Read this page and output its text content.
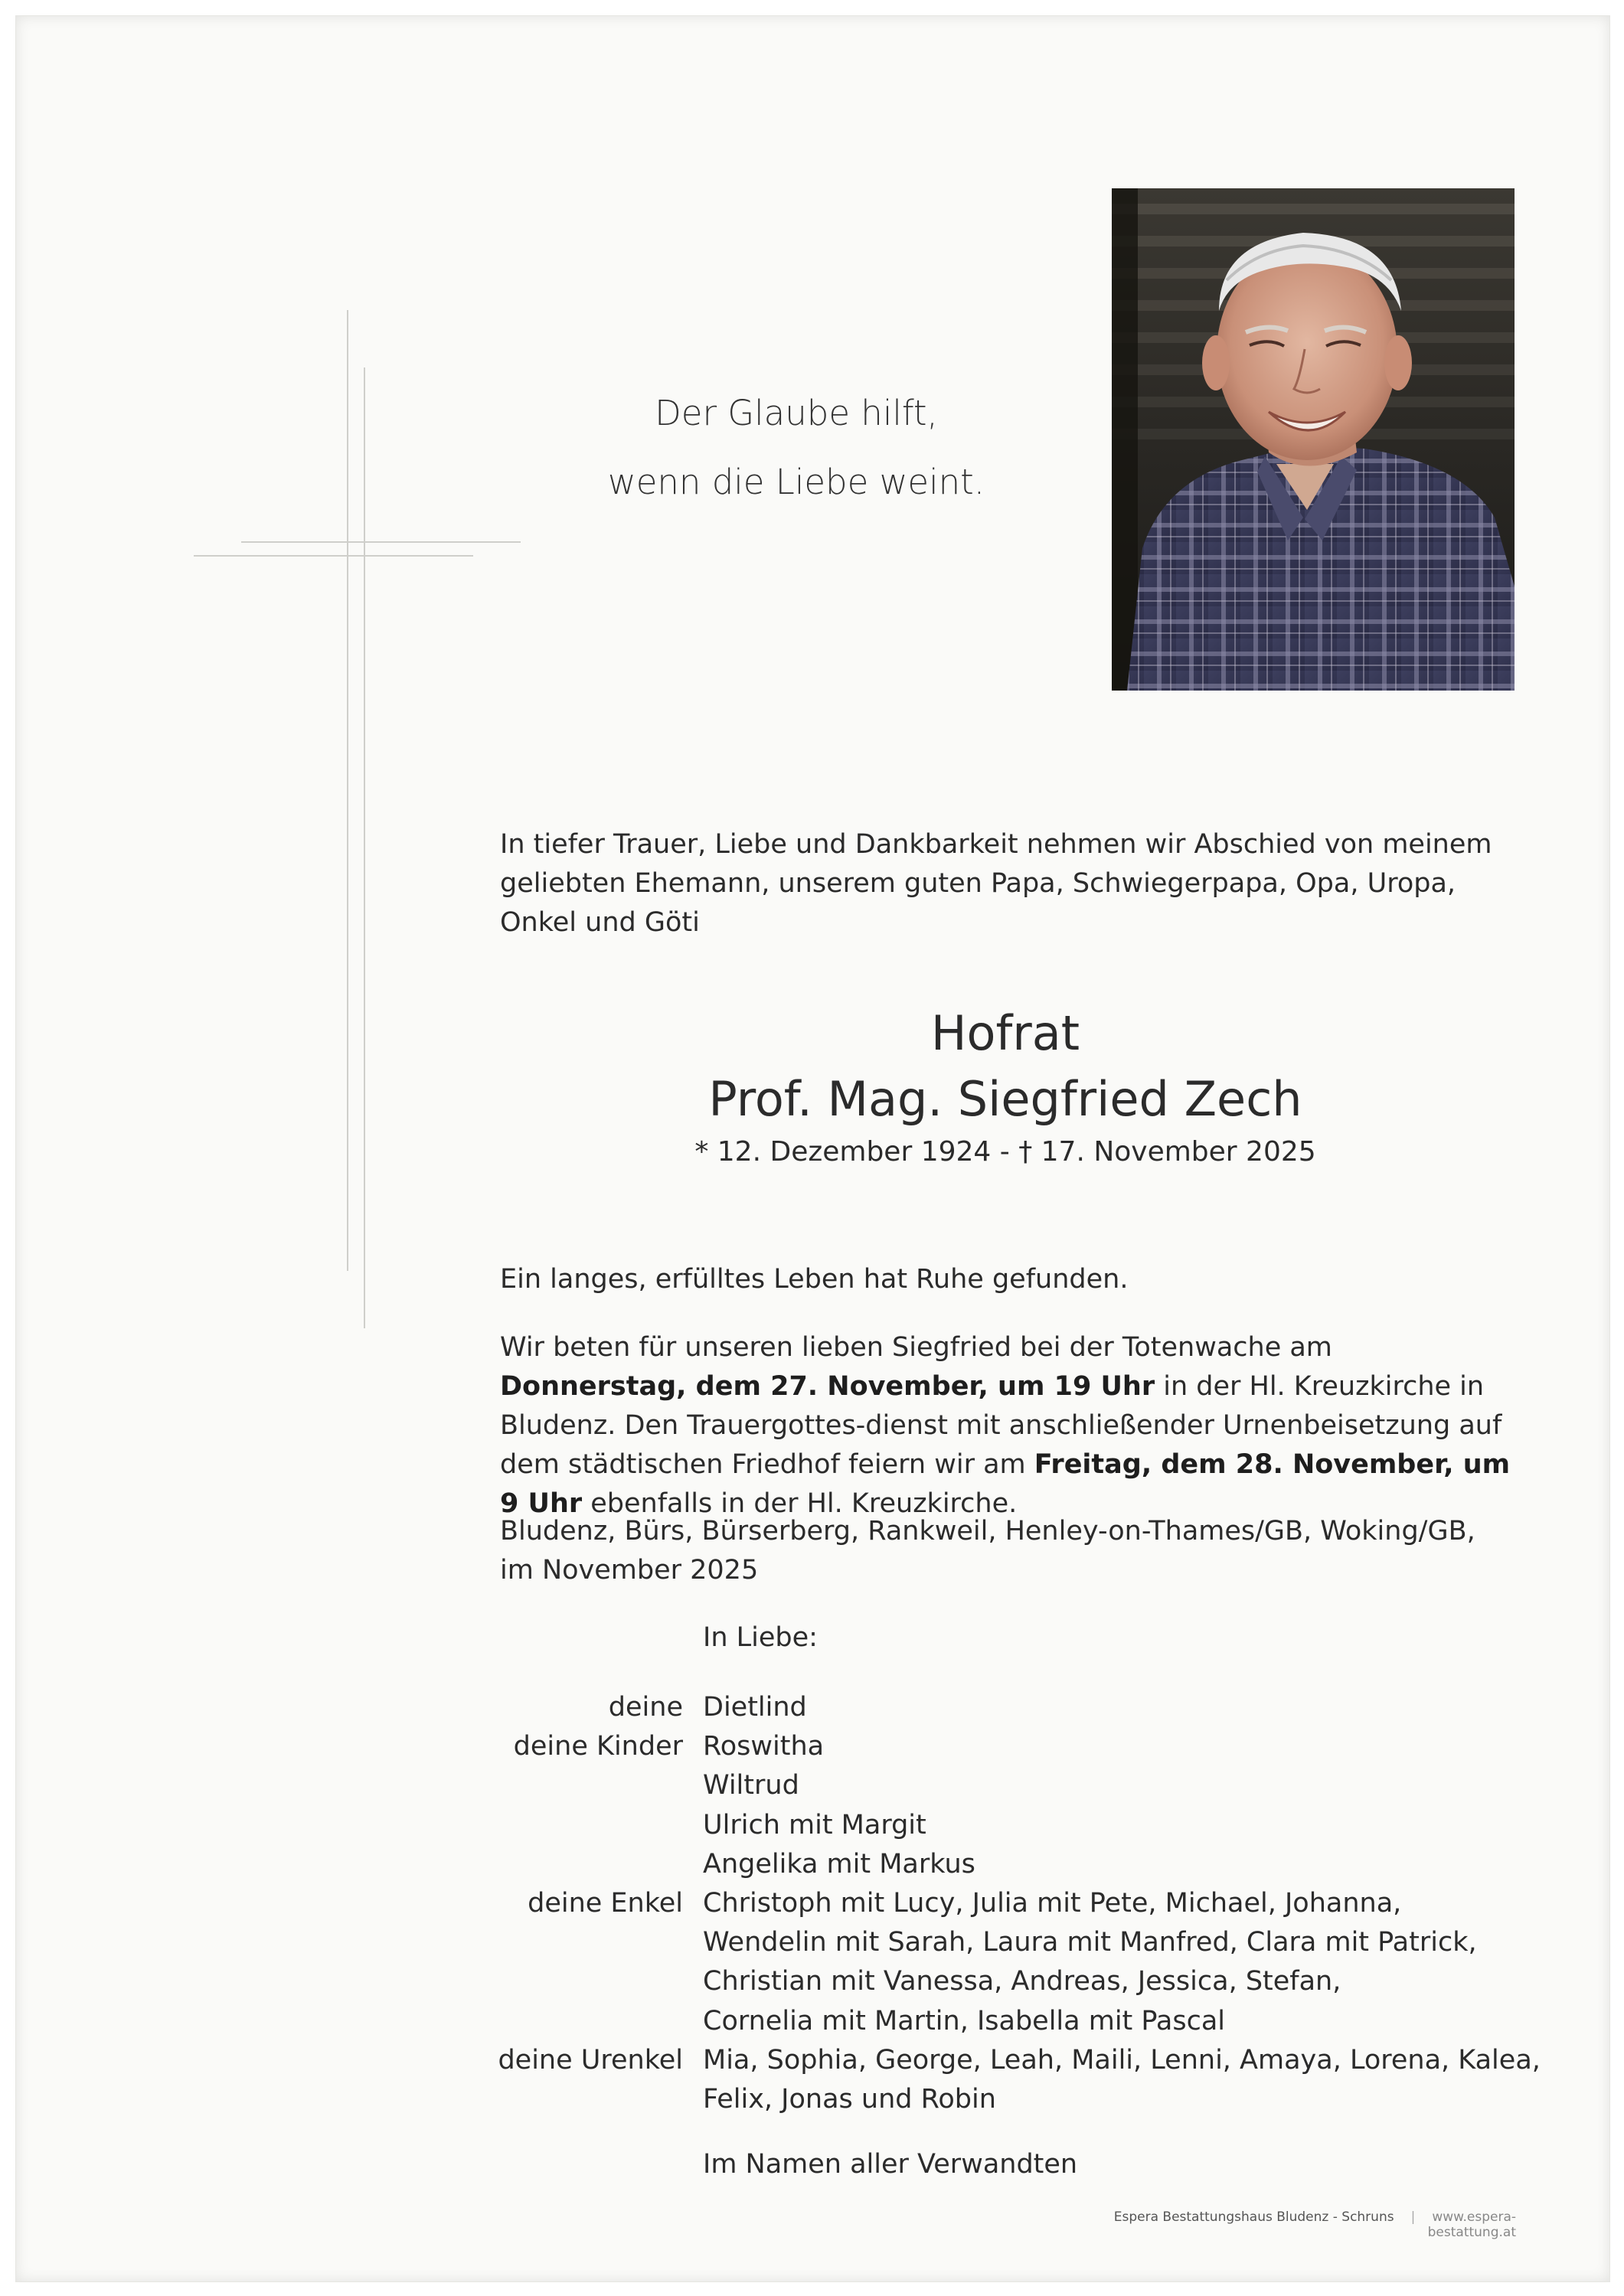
Der Glaube hilft,
wenn die Liebe weint.
In tiefer Trauer, Liebe und Dankbarkeit nehmen wir Abschied von meinem geliebten Ehemann, unserem guten Papa, Schwiegerpapa, Opa, Uropa, Onkel und Göti
Hofrat
Prof. Mag. Siegfried Zech
* 12. Dezember 1924 - † 17. November 2025
Ein langes, erfülltes Leben hat Ruhe gefunden.
Wir beten für unseren lieben Siegfried bei der Totenwache am Donnerstag, dem 27. November, um 19 Uhr in der Hl. Kreuzkirche in Bludenz. Den Trauergottes-dienst mit anschließender Urnenbeisetzung auf dem städtischen Friedhof feiern wir am Freitag, dem 28. November, um 9 Uhr ebenfalls in der Hl. Kreuzkirche.
Bludenz, Bürs, Bürserberg, Rankweil, Henley-on-Thames/GB, Woking/GB,
im November 2025
In Liebe:
deine Dietlind
deine Kinder Roswitha
Wiltrud
Ulrich mit Margit
Angelika mit Markus
deine Enkel Christoph mit Lucy, Julia mit Pete, Michael, Johanna,
Wendelin mit Sarah, Laura mit Manfred, Clara mit Patrick,
Christian mit Vanessa, Andreas, Jessica, Stefan,
Cornelia mit Martin, Isabella mit Pascal
deine Urenkel Mia, Sophia, George, Leah, Maili, Lenni, Amaya, Lorena, Kalea,
Felix, Jonas und Robin
Im Namen aller Verwandten
Espera Bestattungshaus Bludenz - Schruns | www.espera-bestattung.at
